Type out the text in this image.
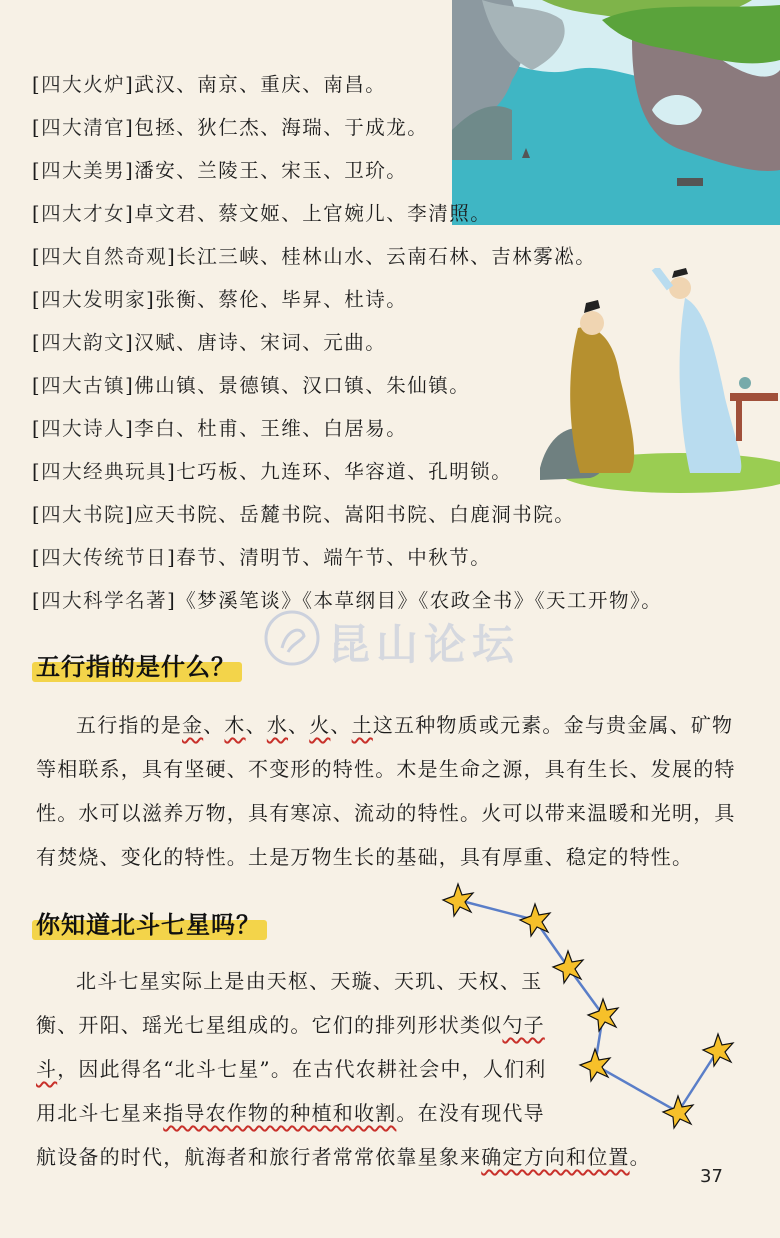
[四大火炉]武汉、南京、重庆、南昌。
[四大清官]包拯、狄仁杰、海瑞、于成龙。
[四大美男]潘安、兰陵王、宋玉、卫玠。
[四大才女]卓文君、蔡文姬、上官婉儿、李清照。
[四大自然奇观]长江三峡、桂林山水、云南石林、吉林雾凇。
[四大发明家]张衡、蔡伦、毕昇、杜诗。
[四大韵文]汉赋、唐诗、宋词、元曲。
[四大古镇]佛山镇、景德镇、汉口镇、朱仙镇。
[四大诗人]李白、杜甫、王维、白居易。
[四大经典玩具]七巧板、九连环、华容道、孔明锁。
[四大书院]应天书院、岳麓书院、嵩阳书院、白鹿洞书院。
[四大传统节日]春节、清明节、端午节、中秋节。
[四大科学名著]《梦溪笔谈》《本草纲目》《农政全书》《天工开物》。
昆山论坛
五行指的是什么？
五行指的是金、木、水、火、土这五种物质或元素。金与贵金属、矿物
等相联系，具有坚硬、不变形的特性。木是生命之源，具有生长、发展的特
性。水可以滋养万物，具有寒凉、流动的特性。火可以带来温暖和光明，具
有焚烧、变化的特性。土是万物生长的基础，具有厚重、稳定的特性。
你知道北斗七星吗？
北斗七星实际上是由天枢、天璇、天玑、天权、玉
衡、开阳、瑶光七星组成的。它们的排列形状类似勺子
斗，因此得名“北斗七星”。在古代农耕社会中，人们利
用北斗七星来指导农作物的种植和收割。在没有现代导
航设备的时代，航海者和旅行者常常依靠星象来确定方向和位置。
37
